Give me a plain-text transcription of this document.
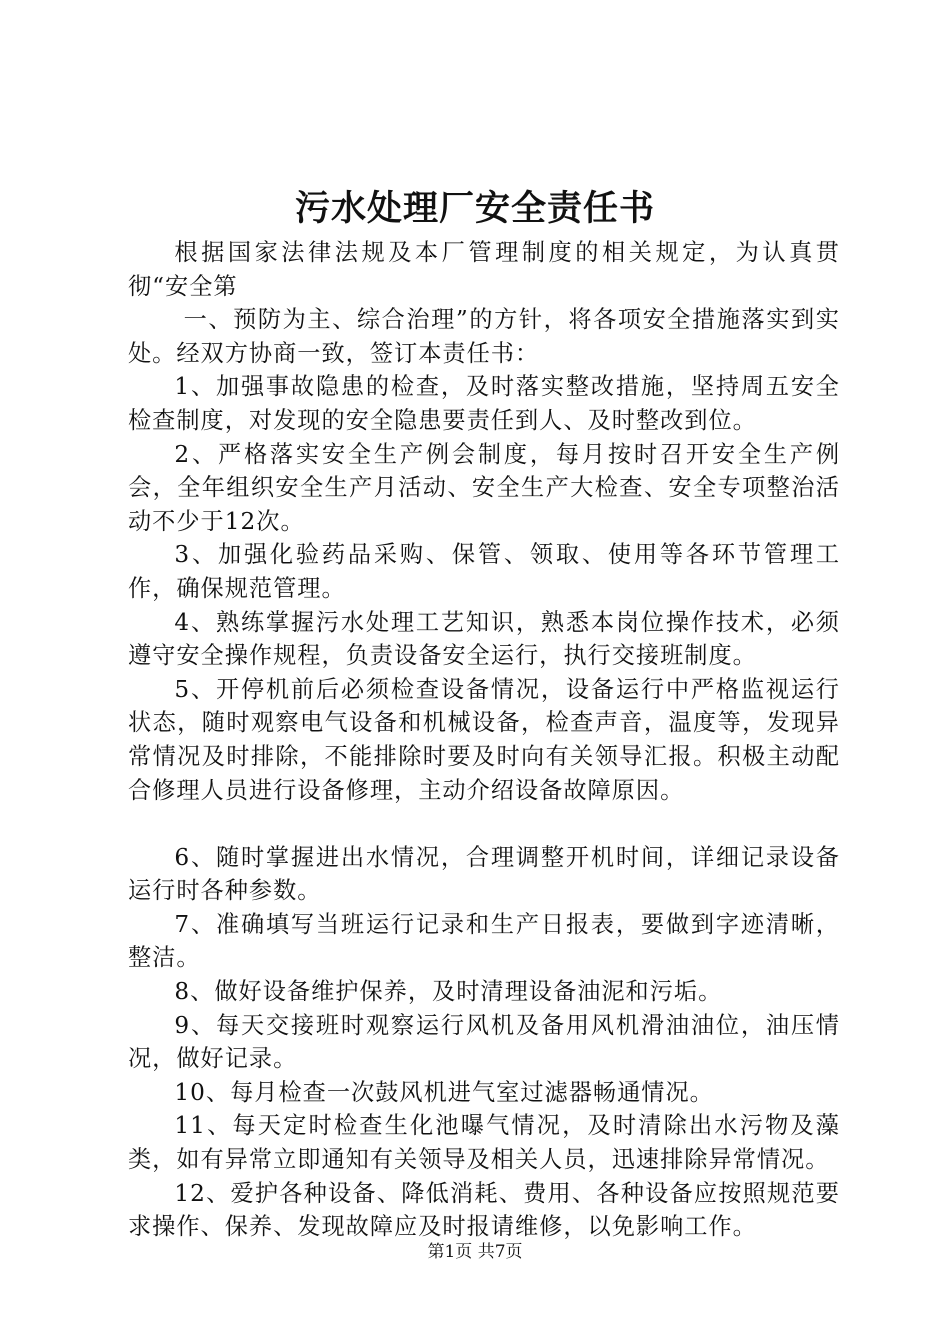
污水处理厂安全责任书

根据国家法律法规及本厂管理制度的相关规定，为认真贯彻“安全第

一、预防为主、综合治理”的方针，将各项安全措施落实到实处。经双方协商一致，签订本责任书：

1、加强事故隐患的检查，及时落实整改措施，坚持周五安全检查制度，对发现的安全隐患要责任到人、及时整改到位。

2、严格落实安全生产例会制度，每月按时召开安全生产例会，全年组织安全生产月活动、安全生产大检查、安全专项整治活动不少于12次。

3、加强化验药品采购、保管、领取、使用等各环节管理工作，确保规范管理。

4、熟练掌握污水处理工艺知识，熟悉本岗位操作技术，必须遵守安全操作规程，负责设备安全运行，执行交接班制度。

5、开停机前后必须检查设备情况，设备运行中严格监视运行状态，随时观察电气设备和机械设备，检查声音，温度等，发现异常情况及时排除，不能排除时要及时向有关领导汇报。积极主动配合修理人员进行设备修理，主动介绍设备故障原因。

6、随时掌握进出水情况，合理调整开机时间，详细记录设备运行时各种参数。

7、准确填写当班运行记录和生产日报表，要做到字迹清晰，整洁。

8、做好设备维护保养，及时清理设备油泥和污垢。

9、每天交接班时观察运行风机及备用风机滑油油位，油压情况，做好记录。

10、每月检查一次鼓风机进气室过滤器畅通情况。

11、每天定时检查生化池曝气情况，及时清除出水污物及藻类，如有异常立即通知有关领导及相关人员，迅速排除异常情况。

12、爱护各种设备、降低消耗、费用、各种设备应按照规范要求操作、保养、发现故障应及时报请维修，以免影响工作。

第1页 共7页
